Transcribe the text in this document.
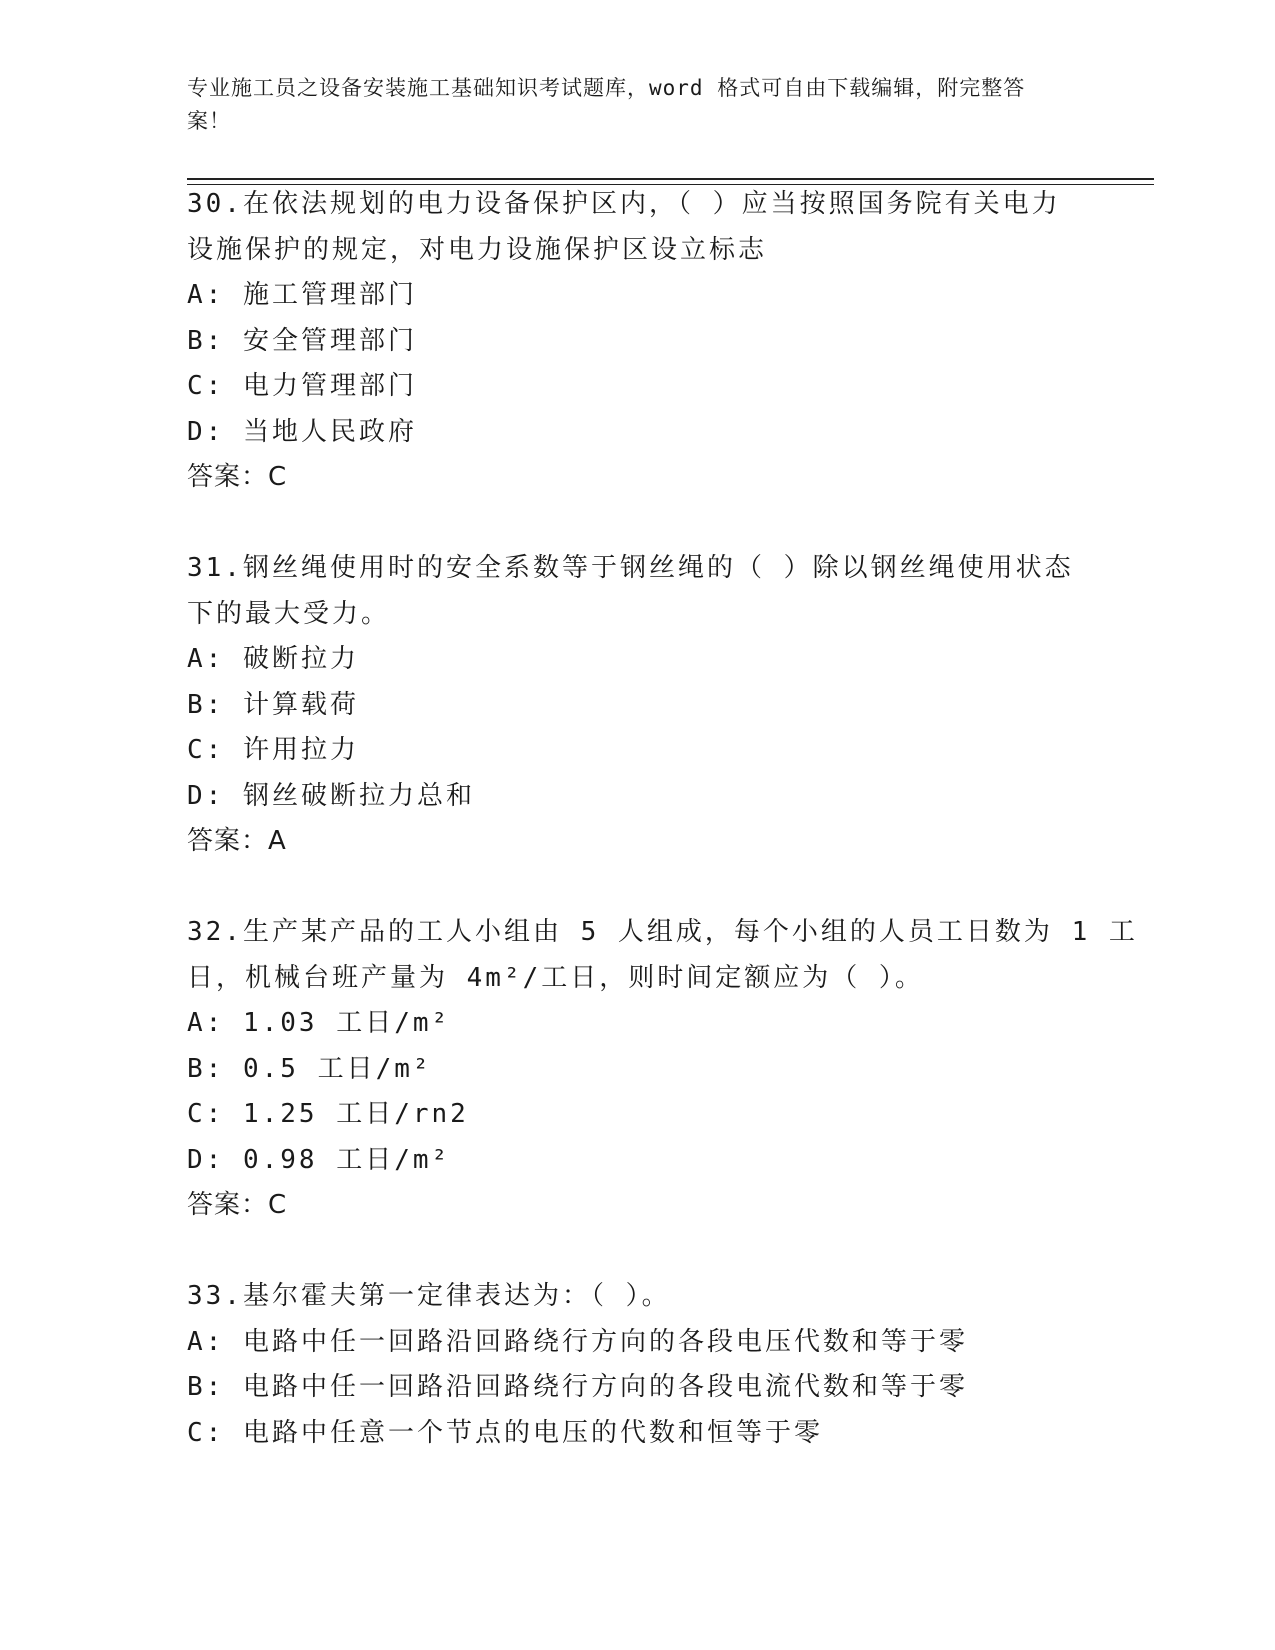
专业施工员之设备安装施工基础知识考试题库，word 格式可自由下载编辑，附完整答案！
30.在依法规划的电力设备保护区内，（ ）应当按照国务院有关电力
设施保护的规定，对电力设施保护区设立标志
A: 施工管理部门
B: 安全管理部门
C: 电力管理部门
D: 当地人民政府
答案：C
31.钢丝绳使用时的安全系数等于钢丝绳的（ ）除以钢丝绳使用状态
下的最大受力。
A: 破断拉力
B: 计算载荷
C: 许用拉力
D: 钢丝破断拉力总和
答案：A
32.生产某产品的工人小组由 5 人组成，每个小组的人员工日数为 1 工
日，机械台班产量为 4m²/工日，则时间定额应为（ ）。
A: 1.03 工日/m²
B: 0.5 工日/m²
C: 1.25 工日/rn2
D: 0.98 工日/m²
答案：C
33.基尔霍夫第一定律表达为：（ ）。
A: 电路中任一回路沿回路绕行方向的各段电压代数和等于零
B: 电路中任一回路沿回路绕行方向的各段电流代数和等于零
C: 电路中任意一个节点的电压的代数和恒等于零
